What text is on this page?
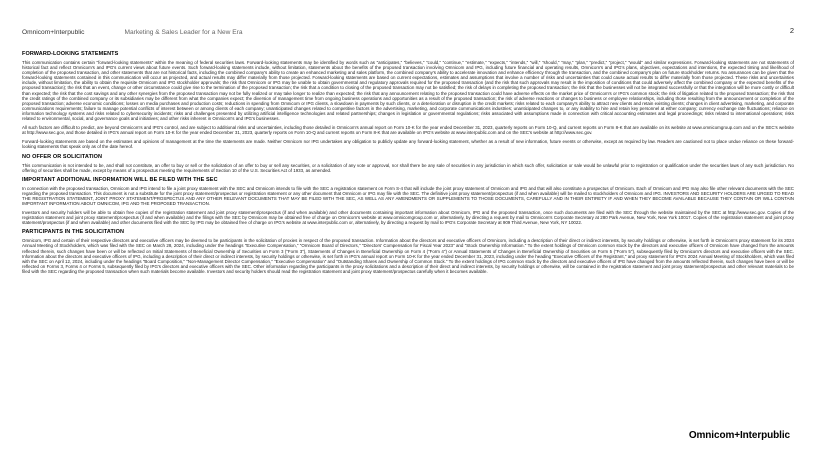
Omnicom+Interpublic	Marketing & Sales Leader for a New Era	2
FORWARD-LOOKING STATEMENTS

This communication contains certain "forward-looking statements" within the meaning of federal securities laws. Forward-looking statements may be identified by words such as "anticipates," "believes," "could," "continue," "estimate," "expects," "intends," "will," "should," "may," "plan," "predict," "project," "would" and similar expressions. Forward-looking statements are not statements of historical fact and reflect Omnicom's and IPG's current views about future events. Such forward-looking statements include, without limitation, statements about the benefits of the proposed transaction involving Omnicom and IPG, including future financial and operating results, Omnicom's and IPG's plans, objectives, expectations and intentions, the expected timing and likelihood of completion of the proposed transaction, and other statements that are not historical facts, including the combined company's ability to create an enhanced marketing and sales platform, the combined company's ability to accelerate innovation and enhance efficiency through the transaction, and the combined company's plan on future stockholder returns. No assurances can be given that the forward-looking statements contained in this communication will occur as projected, and actual results may differ materially from those projected. Forward-looking statements are based on current expectations, estimates and assumptions that involve a number of risks and uncertainties that could cause actual results to differ materially from those projected. These risks and uncertainties include, without limitation, the ability to obtain the requisite Omnicom and IPG stockholder approvals; the risk that Omnicom or IPG may be unable to obtain governmental and regulatory approvals required for the proposed transaction (and the risk that such approvals may result in the imposition of conditions that could adversely affect the combined company or the expected benefits of the proposed transaction); the risk that an event, change or other circumstance could give rise to the termination of the proposed transaction; the risk that a condition to closing of the proposed transaction may not be satisfied; the risk of delays in completing the proposed transaction; the risk that the businesses will not be integrated successfully or that the integration will be more costly or difficult than expected; the risk that the cost savings and any other synergies from the proposed transaction may not be fully realized or may take longer to realize than expected; the risk that any announcement relating to the proposed transaction could have adverse effects on the market price of Omnicom's or IPG's common stock; the risk of litigation related to the proposed transaction; the risk that the credit ratings of the combined company or its subsidiaries may be different from what the companies expect; the diversion of management time from ongoing business operations and opportunities as a result of the proposed transaction; the risk of adverse reactions or changes to business or employee relationships, including those resulting from the announcement or completion of the proposed transaction; adverse economic conditions; losses on media purchases and production costs; reductions in spending from Omnicom or IPG clients, a slowdown in payments by such clients, or a deterioration or disruption in the credit markets; risks related to each company's ability to attract new clients and retain existing clients; changes in client advertising, marketing, and corporate communications requirements; failure to manage potential conflicts of interest between or among clients of each company; unanticipated changes related to competitive factors in the advertising, marketing, and corporate communications industries; unanticipated changes to, or any inability to hire and retain key personnel at either company; currency exchange rate fluctuations; reliance on information technology systems and risks related to cybersecurity incidents; risks and challenges presented by utilizing artificial intelligence technologies and related partnerships; changes in legislation or governmental regulations; risks associated with assumptions made in connection with critical accounting estimates and legal proceedings; risks related to international operations; risks related to environmental, social, and governance goals and initiatives; and other risks inherent in Omnicom's and IPG's businesses.

All such factors are difficult to predict, are beyond Omnicom's and IPG's control, and are subject to additional risks and uncertainties, including those detailed in Omnicom's annual report on Form 10-K for the year ended December 31, 2023, quarterly reports on Form 10-Q, and current reports on Form 8-K that are available on its website at www.omnicomgroup.com and on the SEC's website at http://www.sec.gov, and those detailed in IPG's annual report on Form 10-K for the year ended December 31, 2023, quarterly reports on Form 10-Q and current reports on Form 8-K that are available on IPG's website at www.interpublic.com and on the SEC's website at http://www.sec.gov.

Forward-looking statements are based on the estimates and opinions of management at the time the statements are made. Neither Omnicom nor IPG undertakes any obligation to publicly update any forward-looking statement, whether as a result of new information, future events or otherwise, except as required by law. Readers are cautioned not to place undue reliance on these forward-looking statements that speak only as of the date hereof.

NO OFFER OR SOLICITATION

This communication is not intended to be, and shall not constitute, an offer to buy or sell or the solicitation of an offer to buy or sell any securities, or a solicitation of any vote or approval, nor shall there be any sale of securities in any jurisdiction in which such offer, solicitation or sale would be unlawful prior to registration or qualification under the securities laws of any such jurisdiction. No offering of securities shall be made, except by means of a prospectus meeting the requirements of Section 10 of the U.S. Securities Act of 1933, as amended.

IMPORTANT ADDITIONAL INFORMATION WILL BE FILED WITH THE SEC

In connection with the proposed transaction, Omnicom and IPG intend to file a joint proxy statement with the SEC and Omnicom intends to file with the SEC a registration statement on Form S-4 that will include the joint proxy statement of Omnicom and IPG and that will also constitute a prospectus of Omnicom. Each of Omnicom and IPG may also file other relevant documents with the SEC regarding the proposed transaction. This document is not a substitute for the joint proxy statement/prospectus or registration statement or any other document that Omnicom or IPG may file with the SEC. The definitive joint proxy statement/prospectus (if and when available) will be mailed to stockholders of Omnicom and IPG. INVESTORS AND SECURITY HOLDERS ARE URGED TO READ THE REGISTRATION STATEMENT, JOINT PROXY STATEMENT/PROSPECTUS AND ANY OTHER RELEVANT DOCUMENTS THAT MAY BE FILED WITH THE SEC, AS WELL AS ANY AMENDMENTS OR SUPPLEMENTS TO THOSE DOCUMENTS, CAREFULLY AND IN THEIR ENTIRETY IF AND WHEN THEY BECOME AVAILABLE BECAUSE THEY CONTAIN OR WILL CONTAIN IMPORTANT INFORMATION ABOUT OMNICOM, IPG AND THE PROPOSED TRANSACTION.

Investors and security holders will be able to obtain free copies of the registration statement and joint proxy statement/prospectus (if and when available) and other documents containing important information about Omnicom, IPG and the proposed transaction, once such documents are filed with the SEC through the website maintained by the SEC at http://www.sec.gov. Copies of the registration statement and joint proxy statement/prospectus (if and when available) and the filings with the SEC by Omnicom may be obtained free of charge on Omnicom's website at www.omnicomgroup.com or, alternatively, by directing a request by mail to Omnicom's Corporate Secretary at 280 Park Avenue, New York, New York 10017. Copies of the registration statement and joint proxy statement/prospectus (if and when available) and other documents filed with the SEC by IPG may be obtained free of charge on IPG's website at www.interpublic.com or, alternatively, by directing a request by mail to IPG's Corporate Secretary at 909 Third Avenue, New York, NY 10022.

PARTICIPANTS IN THE SOLICITATION

Omnicom, IPG and certain of their respective directors and executive officers may be deemed to be participants in the solicitation of proxies in respect of the proposed transaction. Information about the directors and executive officers of Omnicom, including a description of their direct or indirect interests, by security holdings or otherwise, is set forth in Omnicom's proxy statement for its 2024 Annual Meeting of Stockholders, which was filed with the SEC on March 28, 2024, including under the headings "Executive Compensation," "Omnicom Board of Directors," "Directors' Compensation for Fiscal Year 2023" and "Stock Ownership Information." To the extent holdings of Omnicom common stock by the directors and executive officers of Omnicom have changed from the amounts reflected therein, such changes have been or will be reflected on Initial Statements of Beneficial Ownership of Securities on Form 3 ("Form 3"), Statements of Changes in Beneficial Ownership on Form 4 ("Form 4") or Annual Statements of Changes in Beneficial Ownership of Securities on Form 5 ("Form 5"), subsequently filed by Omnicom's directors and executive officers with the SEC. Information about the directors and executive officers of IPG, including a description of their direct or indirect interests, by security holdings or otherwise, is set forth in IPG's annual report on Form 10-K for the year ended December 31, 2023, including under the heading "Executive Officers of the Registrant," and proxy statement for IPG's 2024 Annual Meeting of Stockholders, which was filed with the SEC on April 12, 2024, including under the headings "Board Composition," "Non-Management Director Compensation," "Executive Compensation" and "Outstanding Shares and Ownership of Common Stock." To the extent holdings of IPG common stock by the directors and executive officers of IPG have changed from the amounts reflected therein, such changes have been or will be reflected on Forms 3, Forms 4 or Forms 5, subsequently filed by IPG's directors and executive officers with the SEC. Other information regarding the participants in the proxy solicitations and a description of their direct and indirect interests, by security holdings or otherwise, will be contained in the registration statement and joint proxy statement/prospectus and other relevant materials to be filed with the SEC regarding the proposed transaction when such materials become available. Investors and security holders should read the registration statement and joint proxy statement/prospectus carefully when it becomes available.

Omnicom+Interpublic
